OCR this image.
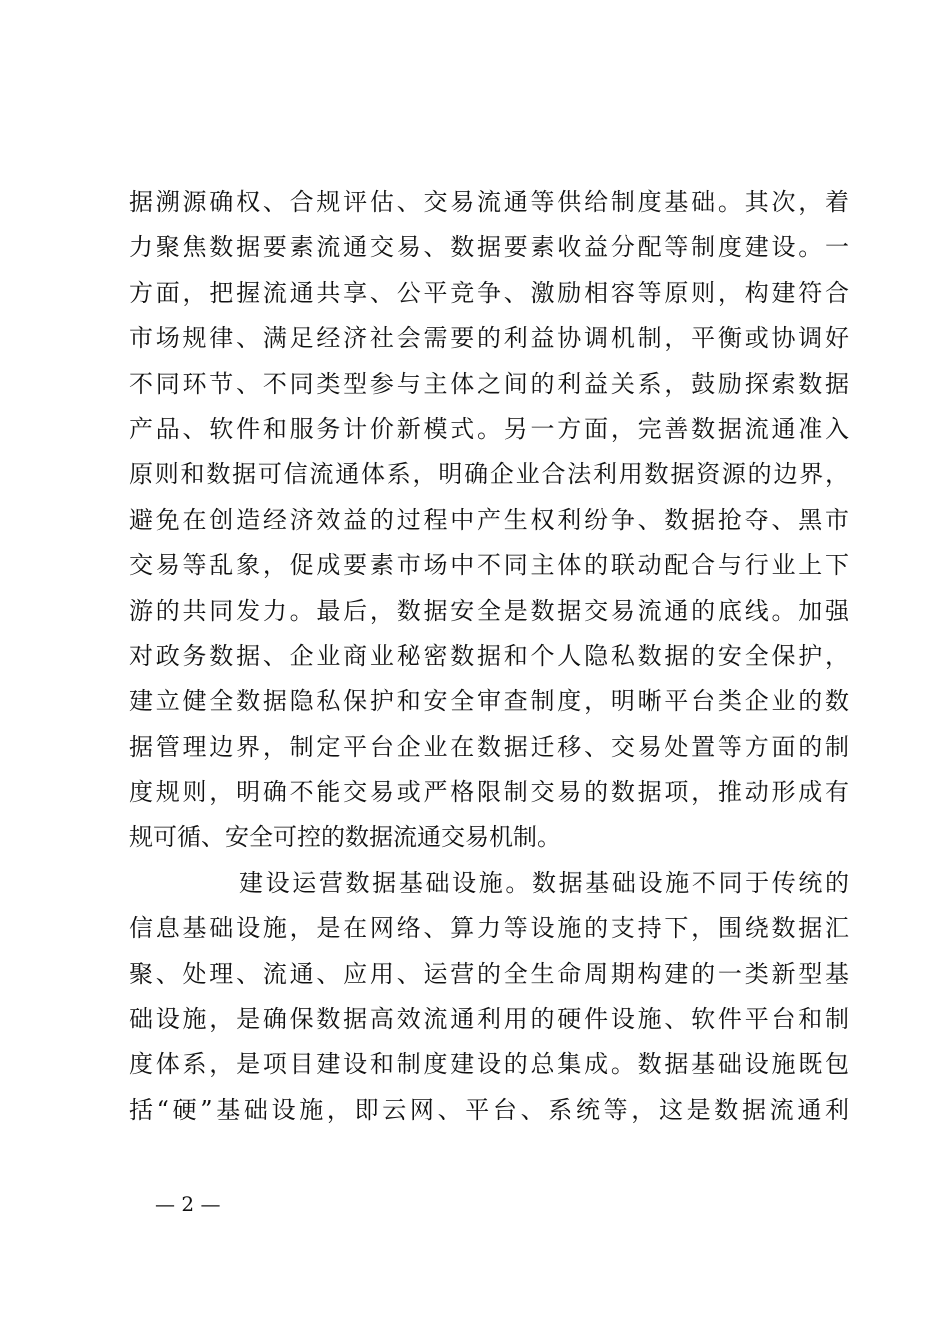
据溯源确权、合规评估、交易流通等供给制度基础。其次，着
力聚焦数据要素流通交易、数据要素收益分配等制度建设。一
方面，把握流通共享、公平竞争、激励相容等原则，构建符合
市场规律、满足经济社会需要的利益协调机制，平衡或协调好
不同环节、不同类型参与主体之间的利益关系，鼓励探索数据
产品、软件和服务计价新模式。另一方面，完善数据流通准入
原则和数据可信流通体系，明确企业合法利用数据资源的边界，
避免在创造经济效益的过程中产生权利纷争、数据抢夺、黑市
交易等乱象，促成要素市场中不同主体的联动配合与行业上下
游的共同发力。最后，数据安全是数据交易流通的底线。加强
对政务数据、企业商业秘密数据和个人隐私数据的安全保护，
建立健全数据隐私保护和安全审查制度，明晰平台类企业的数
据管理边界，制定平台企业在数据迁移、交易处置等方面的制
度规则，明确不能交易或严格限制交易的数据项，推动形成有
规可循、安全可控的数据流通交易机制。
建设运营数据基础设施。数据基础设施不同于传统的
信息基础设施，是在网络、算力等设施的支持下，围绕数据汇
聚、处理、流通、应用、运营的全生命周期构建的一类新型基
础设施，是确保数据高效流通利用的硬件设施、软件平台和制
度体系，是项目建设和制度建设的总集成。数据基础设施既包
括“硬”基础设施，即云网、平台、系统等，这是数据流通利
— 2 —
